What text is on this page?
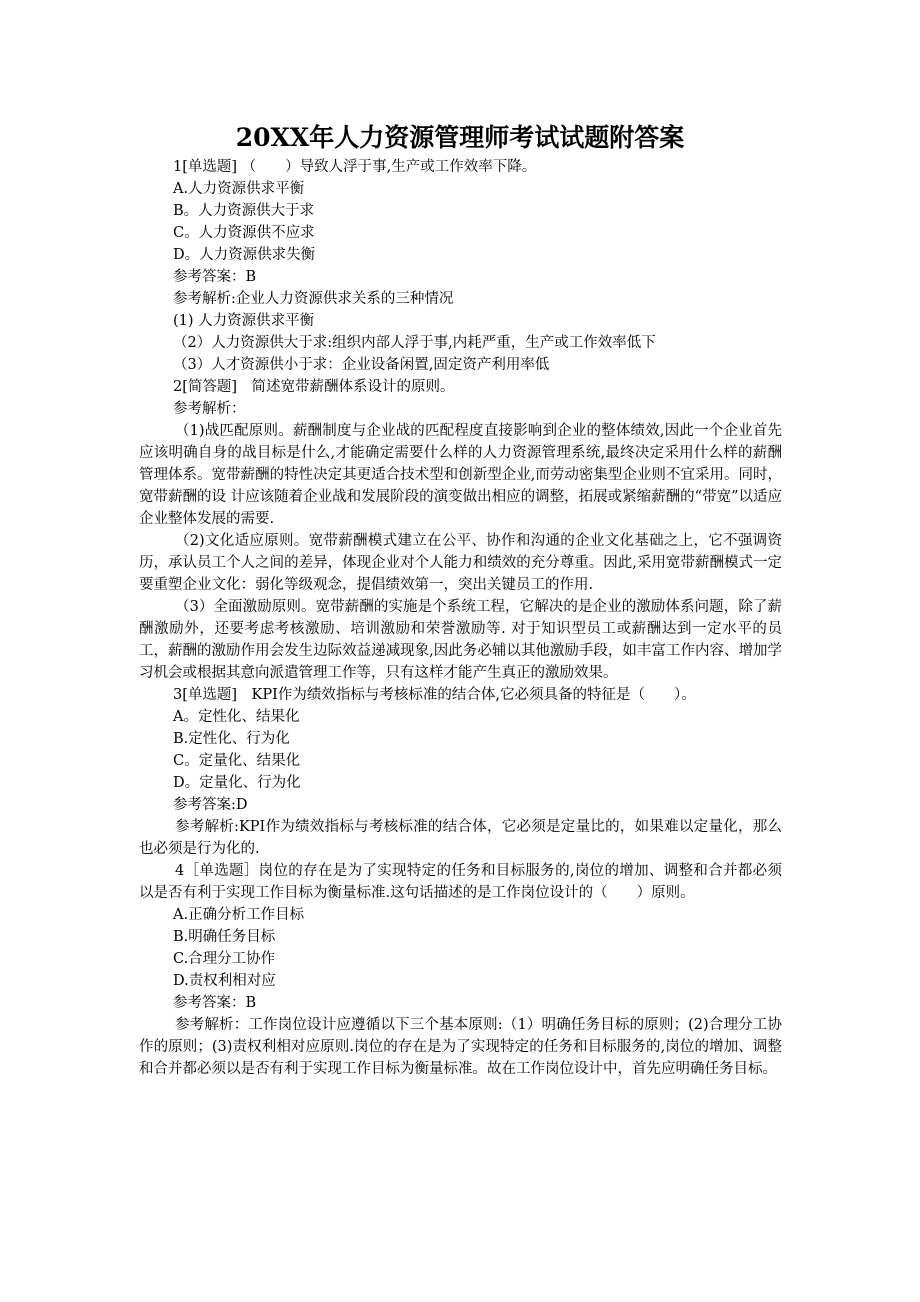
20XX年人力资源管理师考试试题附答案

1[单选题] （　　）导致人浮于事,生产或工作效率下降。

A.人力资源供求平衡

B。人力资源供大于求

C。人力资源供不应求

D。人力资源供求失衡

参考答案：B

参考解析:企业人力资源供求关系的三种情况

(1) 人力资源供求平衡

（2）人力资源供大于求:组织内部人浮于事,内耗严重，生产或工作效率低下

（3）人才资源供小于求：企业设备闲置,固定资产利用率低

2[简答题]　简述宽带薪酬体系设计的原则。

参考解析：

（1)战匹配原则。薪酬制度与企业战的匹配程度直接影响到企业的整体绩效,因此一个企业首先应该明确自身的战目标是什么,才能确定需要什么样的人力资源管理系统,最终决定采用什么样的薪酬管理体系。宽带薪酬的特性决定其更适合技术型和创新型企业,而劳动密集型企业则不宜采用。同时，宽带薪酬的设 计应该随着企业战和发展阶段的演变做出相应的调整，拓展或紧缩薪酬的“带宽”以适应企业整体发展的需要.

（2)文化适应原则。宽带薪酬模式建立在公平、协作和沟通的企业文化基础之上，它不强调资历，承认员工个人之间的差异，体现企业对个人能力和绩效的充分尊重。因此,采用宽带薪酬模式一定要重塑企业文化：弱化等级观念，提倡绩效第一，突出关键员工的作用.

（3）全面激励原则。宽带薪酬的实施是个系统工程，它解决的是企业的激励体系问题，除了薪酬激励外，还要考虑考核激励、培训激励和荣誉激励等. 对于知识型员工或薪酬达到一定水平的员工，薪酬的激励作用会发生边际效益递减现象,因此务必辅以其他激励手段，如丰富工作内容、增加学习机会或根据其意向派遣管理工作等，只有这样才能产生真正的激励效果。

3[单选题]　KPI作为绩效指标与考核标准的结合体,它必须具备的特征是（　　）。

A。定性化、结果化

B.定性化、行为化

C。定量化、结果化

D。定量化、行为化

参考答案:D

参考解析:KPI作为绩效指标与考核标准的结合体，它必须是定量比的，如果难以定量化，那么也必须是行为化的.

4［单选题］岗位的存在是为了实现特定的任务和目标服务的,岗位的增加、调整和合并都必须以是否有利于实现工作目标为衡量标准.这句话描述的是工作岗位设计的（　　）原则。

A.正确分析工作目标

B.明确任务目标

C.合理分工协作

D.责权利相对应

参考答案：B

参考解析：工作岗位设计应遵循以下三个基本原则:（1）明确任务目标的原则；(2)合理分工协作的原则；(3)责权利相对应原则.岗位的存在是为了实现特定的任务和目标服务的,岗位的增加、调整和合并都必须以是否有利于实现工作目标为衡量标准。故在工作岗位设计中，首先应明确任务目标。
